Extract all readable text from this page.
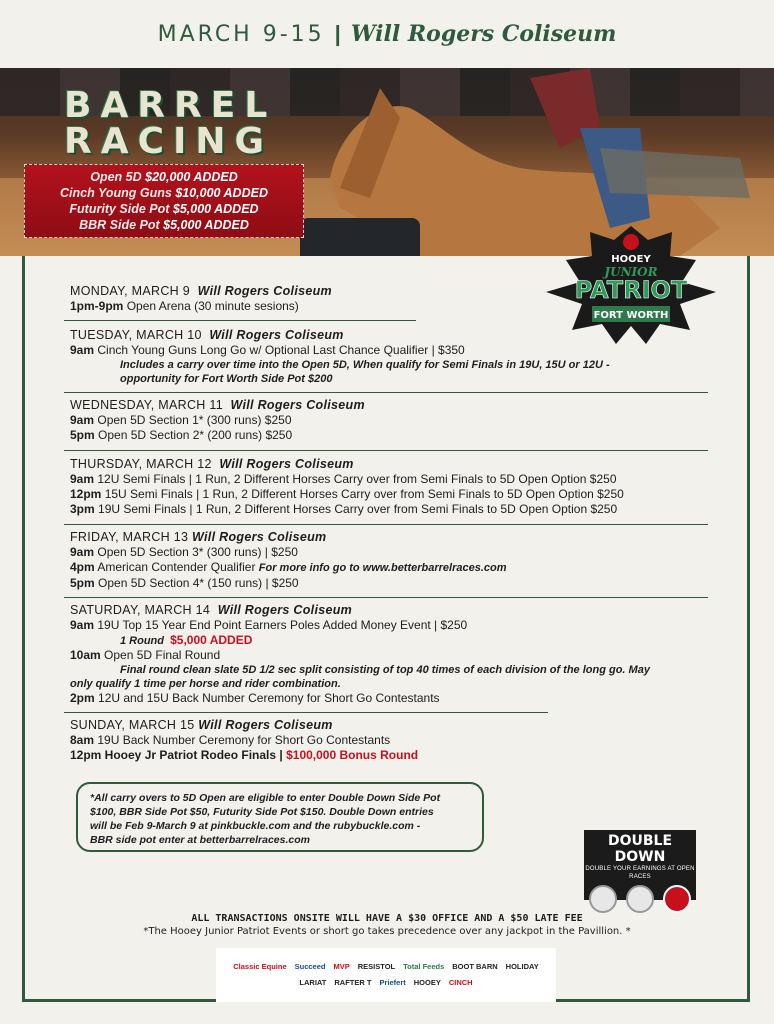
MARCH 9-15 | Will Rogers Coliseum
BARREL
RACING
Open 5D $20,000 ADDED
Cinch Young Guns $10,000 ADDED
Futurity Side Pot $5,000 ADDED
BBR Side Pot $5,000 ADDED
HOOEY
JUNIOR
PATRIOT
FORT WORTH
MONDAY, MARCH 9 Will Rogers Coliseum
1pm-9pm Open Arena (30 minute sesions)
TUESDAY, MARCH 10 Will Rogers Coliseum
9am Cinch Young Guns Long Go w/ Optional Last Chance Qualifier | $350
Includes a carry over time into the Open 5D, When qualify for Semi Finals in 19U, 15U or 12U -
opportunity for Fort Worth Side Pot $200
WEDNESDAY, MARCH 11 Will Rogers Coliseum
9am Open 5D Section 1* (300 runs) $250
5pm Open 5D Section 2* (200 runs) $250
THURSDAY, MARCH 12 Will Rogers Coliseum
9am 12U Semi Finals | 1 Run, 2 Different Horses Carry over from Semi Finals to 5D Open Option $250
12pm 15U Semi Finals | 1 Run, 2 Different Horses Carry over from Semi Finals to 5D Open Option $250
3pm 19U Semi Finals | 1 Run, 2 Different Horses Carry over from Semi Finals to 5D Open Option $250
FRIDAY, MARCH 13 Will Rogers Coliseum
9am Open 5D Section 3* (300 runs) | $250
4pm American Contender Qualifier For more info go to www.betterbarrelraces.com
5pm Open 5D Section 4* (150 runs) | $250
SATURDAY, MARCH 14 Will Rogers Coliseum
9am 19U Top 15 Year End Point Earners Poles Added Money Event | $250
1 Round $5,000 ADDED
10am Open 5D Final Round
Final round clean slate 5D 1/2 sec split consisting of top 40 times of each division of the long go. May
only qualify 1 time per horse and rider combination.
2pm 12U and 15U Back Number Ceremony for Short Go Contestants
SUNDAY, MARCH 15 Will Rogers Coliseum
8am 19U Back Number Ceremony for Short Go Contestants
12pm Hooey Jr Patriot Rodeo Finals | $100,000 Bonus Round
*All carry overs to 5D Open are eligible to enter Double Down Side Pot
$100, BBR Side Pot $50, Futurity Side Pot $150. Double Down entries
will be Feb 9-March 9 at pinkbuckle.com and the rubybuckle.com -
BBR side pot enter at betterbarrelraces.com	DOUBLE DOWN
DOUBLE YOUR EARNINGS AT OPEN RACES
ALL TRANSACTIONS ONSITE WILL HAVE A $30 OFFICE AND A $50 LATE FEE
*The Hooey Junior Patriot Events or short go takes precedence over any jackpot in the Pavillion. *
Classic Equine Succeed MVP RESISTOL Total Feeds BOOT BARN HOLIDAY
LARIAT RAFTER T Priefert HOOEY CINCH
